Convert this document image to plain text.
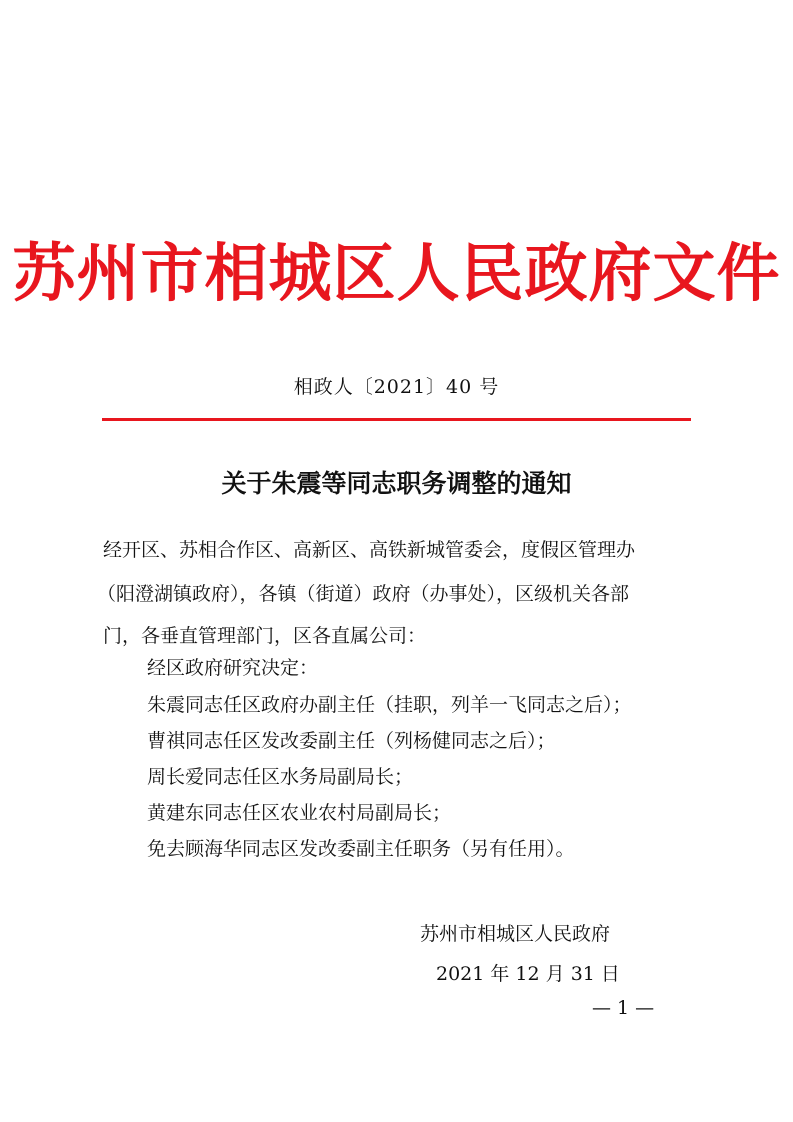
苏州市相城区人民政府文件
相政人〔2021〕40 号
关于朱震等同志职务调整的通知
经开区、苏相合作区、高新区、高铁新城管委会，度假区管理办
（阳澄湖镇政府），各镇（街道）政府（办事处），区级机关各部
门，各垂直管理部门，区各直属公司：
经区政府研究决定：
朱震同志任区政府办副主任（挂职，列羊一飞同志之后）；
曹祺同志任区发改委副主任（列杨健同志之后）；
周长爱同志任区水务局副局长；
黄建东同志任区农业农村局副局长；
免去顾海华同志区发改委副主任职务（另有任用）。
苏州市相城区人民政府
2021 年 12 月 31 日
— 1 —
